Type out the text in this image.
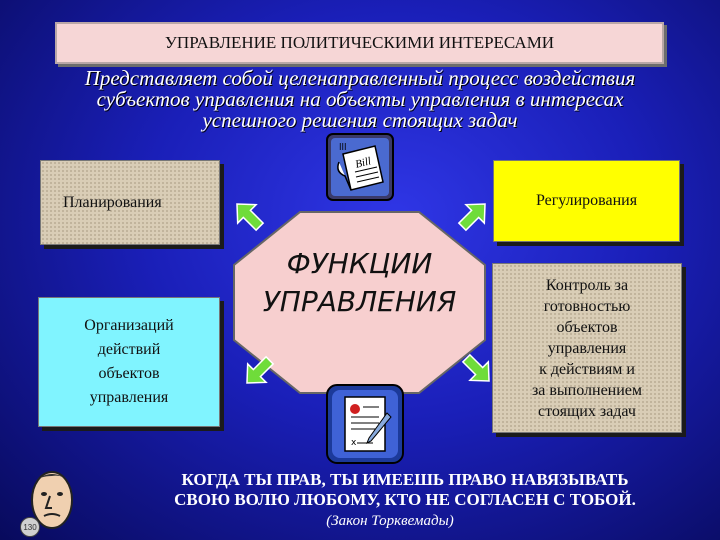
УПРАВЛЕНИЕ ПОЛИТИЧЕСКИМИ ИНТЕРЕСАМИ
Представляет собой целенаправленный процесс воздействия
субъектов управления на объекты управления в интересах
успешного решения стоящих задач
Bill
ااا
Планирования
Организаций
действий
объектов
управления
Регулирования
Контроль за
готовностью
объектов
управления
к действиям и
за выполнением
стоящих задач
ФУНКЦИИ
УПРАВЛЕНИЯ
x
130
КОГДА ТЫ ПРАВ, ТЫ ИМЕЕШЬ ПРАВО НАВЯЗЫВАТЬ
СВОЮ ВОЛЮ ЛЮБОМУ, КТО НЕ СОГЛАСЕН С ТОБОЙ.
(Закон Торквемады)
